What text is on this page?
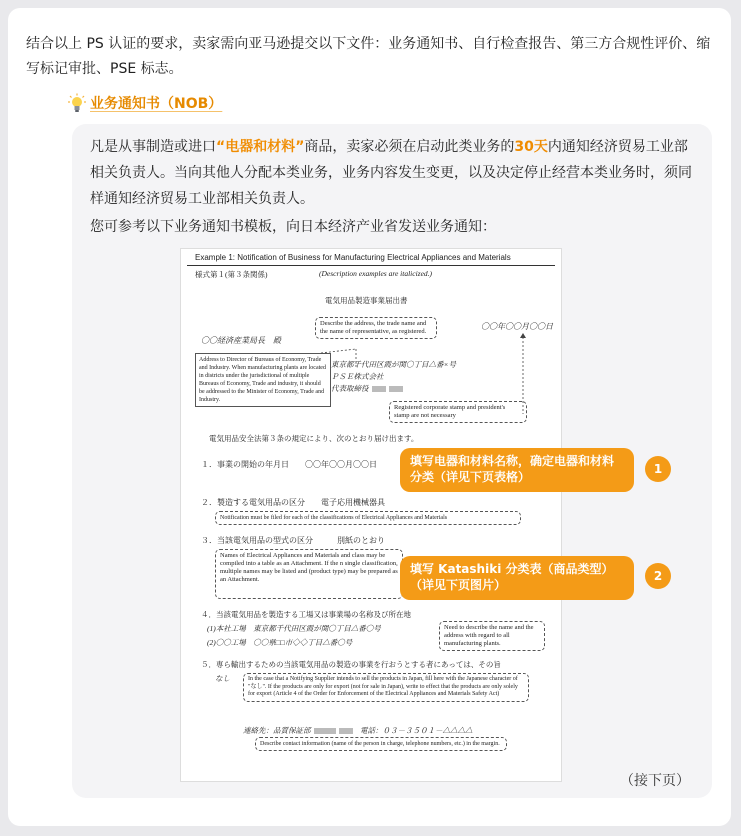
结合以上 PS 认证的要求，卖家需向亚马逊提交以下文件：业务通知书、自行检查报告、第三方合规性评价、缩写标记审批、PSE 标志。

业务通知书（NOB）

凡是从事制造或进口“电器和材料”商品，卖家必须在启动此类业务的30天内通知经济贸易工业部相关负责人。当向其他人分配本类业务，业务内容发生变更，以及决定停止经营本类业务时，须同样通知经济贸易工业部相关负责人。

您可参考以下业务通知书模板，向日本经济产业省发送业务通知：

（接下页）
Example 1: Notification of Business for Manufacturing Electrical Appliances and Materials
様式第１(第３条関係)	(Description examples are italicized.)
電気用品製造事業届出書
Describe the address, the trade name and the name of representative, as registered.
〇〇年〇〇月〇〇日
〇〇経済産業局長　殿
Address to Director of Bureaus of Economy, Trade and Industry. When manufacturing plants are located in districts under the jurisdictional of multiple Bureaus of Economy, Trade and industry, it should be addressed to the Minister of Economy, Trade and Industry.
東京都千代田区霞が関〇丁目△番×号
ＰＳＥ株式会社
代表取締役
Registered corporate stamp and president's stamp are not necessary
電気用品安全法第３条の規定により、次のとおり届け出ます。
１．事業の開始の年月日　　〇〇年〇〇月〇〇日
２．製造する電気用品の区分　　電子応用機械器具
Notification must be filed for each of the classifications of Electrical Appliances and Materials
３．当該電気用品の型式の区分　　　別紙のとおり
Names of Electrical Appliances and Materials and class may be compiled into a table as an Attachment. If the n single classification, multiple names may be listed and (product type) may be prepared as an Attachment.
４．当該電気用品を製造する工場又は事業場の名称及び所在地
(1)本社工場　東京都千代田区霞が関〇丁目△番〇号
(2)〇〇工場　〇〇県□□市◇◇丁目△番〇号
Need to describe the name and the address with regard to all manufacturing plants.
５．専ら輸出するための当該電気用品の製造の事業を行おうとする者にあっては、その旨
なし	In the case that a Notifying Supplier intends to sell the products in Japan, fill here with the Japanese character of "なし". If the products are only for export (not for sale in Japan), write to effect that the products are only solely for export (Article 4 of the Order for Enforcement of the Electrical Appliances and Materials Safety Act)
連絡先：品質保証部　	電話：０３－３５０１－△△△△
Describe contact information (name of the person in charge, telephone numbers, etc.) in the margin.
填写电器和材料名称，确定电器和材料分类（详见下页表格）
1
填写 Katashiki 分类表（商品类型）（详见下页图片）
2
